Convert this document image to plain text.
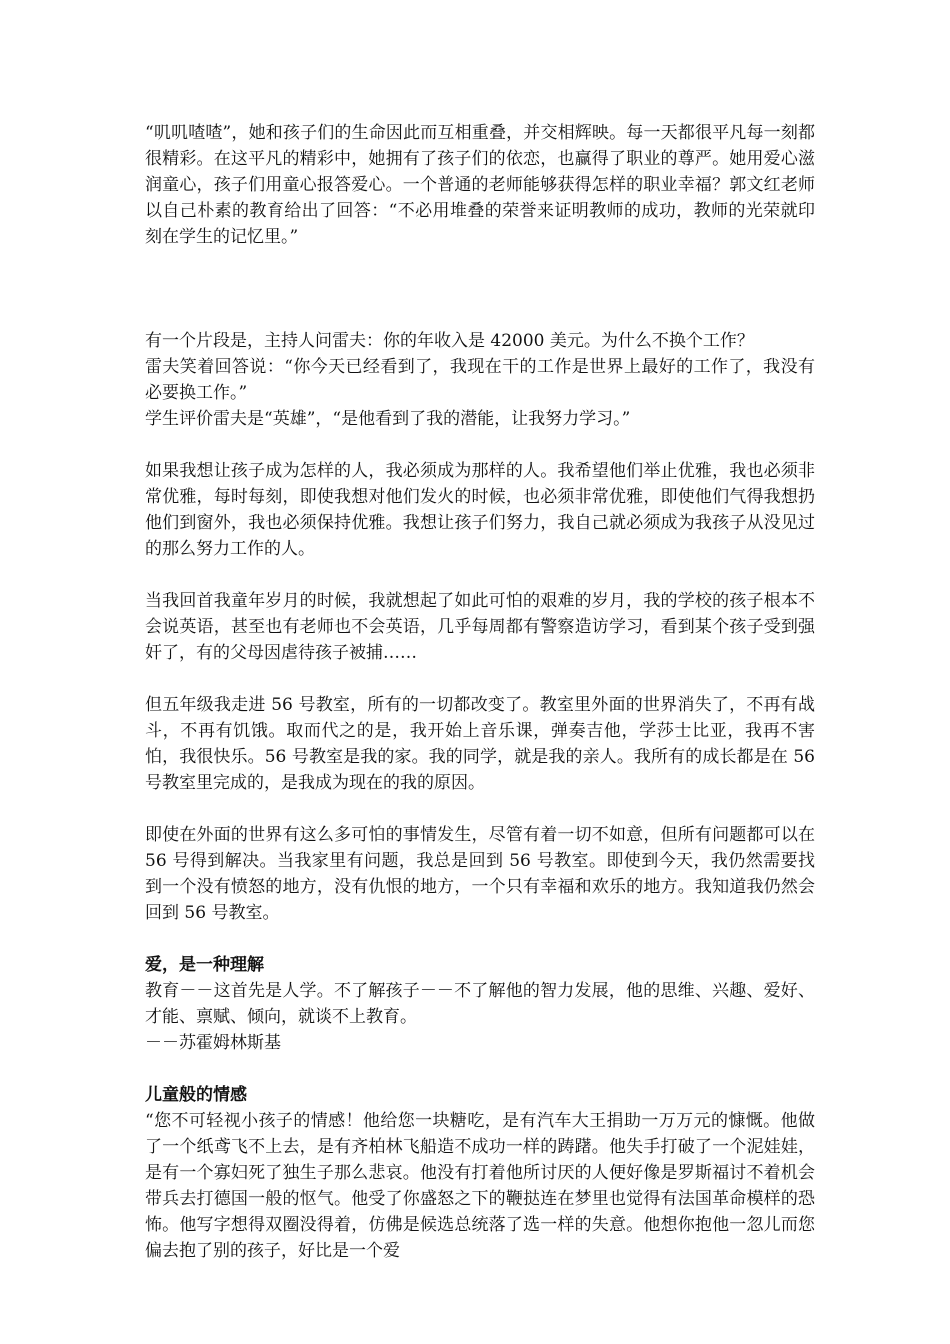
“叽叽喳喳”，她和孩子们的生命因此而互相重叠，并交相辉映。每一天都很平凡每一刻都很精彩。在这平凡的精彩中，她拥有了孩子们的依恋，也赢得了职业的尊严。她用爱心滋润童心，孩子们用童心报答爱心。一个普通的老师能够获得怎样的职业幸福？郭文红老师以自己朴素的教育给出了回答：“不必用堆叠的荣誉来证明教师的成功，教师的光荣就印刻在学生的记忆里。”

有一个片段是，主持人问雷夫：你的年收入是 42000 美元。为什么不换个工作？
雷夫笑着回答说：“你今天已经看到了，我现在干的工作是世界上最好的工作了，我没有必要换工作。”
学生评价雷夫是“英雄”，“是他看到了我的潜能，让我努力学习。”

如果我想让孩子成为怎样的人，我必须成为那样的人。我希望他们举止优雅，我也必须非常优雅，每时每刻，即使我想对他们发火的时候，也必须非常优雅，即使他们气得我想扔他们到窗外，我也必须保持优雅。我想让孩子们努力，我自己就必须成为我孩子从没见过的那么努力工作的人。

当我回首我童年岁月的时候，我就想起了如此可怕的艰难的岁月，我的学校的孩子根本不会说英语，甚至也有老师也不会英语，几乎每周都有警察造访学习，看到某个孩子受到强奸了，有的父母因虐待孩子被捕……

但五年级我走进 56 号教室，所有的一切都改变了。教室里外面的世界消失了，不再有战斗，不再有饥饿。取而代之的是，我开始上音乐课，弹奏吉他，学莎士比亚，我再不害怕，我很快乐。56 号教室是我的家。我的同学，就是我的亲人。我所有的成长都是在 56 号教室里完成的，是我成为现在的我的原因。

即使在外面的世界有这么多可怕的事情发生，尽管有着一切不如意，但所有问题都可以在 56 号得到解决。当我家里有问题，我总是回到 56 号教室。即使到今天，我仍然需要找到一个没有愤怒的地方，没有仇恨的地方，一个只有幸福和欢乐的地方。我知道我仍然会回到 56 号教室。

爱，是一种理解

教育－－这首先是人学。不了解孩子－－不了解他的智力发展，他的思维、兴趣、爱好、才能、禀赋、倾向，就谈不上教育。
－－苏霍姆林斯基

儿童般的情感

“您不可轻视小孩子的情感！他给您一块糖吃，是有汽车大王捐助一万万元的慷慨。他做了一个纸鸢飞不上去，是有齐柏林飞船造不成功一样的踌躇。他失手打破了一个泥娃娃，是有一个寡妇死了独生子那么悲哀。他没有打着他所讨厌的人便好像是罗斯福讨不着机会带兵去打德国一般的怄气。他受了你盛怒之下的鞭挞连在梦里也觉得有法国革命模样的恐怖。他写字想得双圈没得着，仿佛是候选总统落了选一样的失意。他想你抱他一忽儿而您偏去抱了别的孩子，好比是一个爱
